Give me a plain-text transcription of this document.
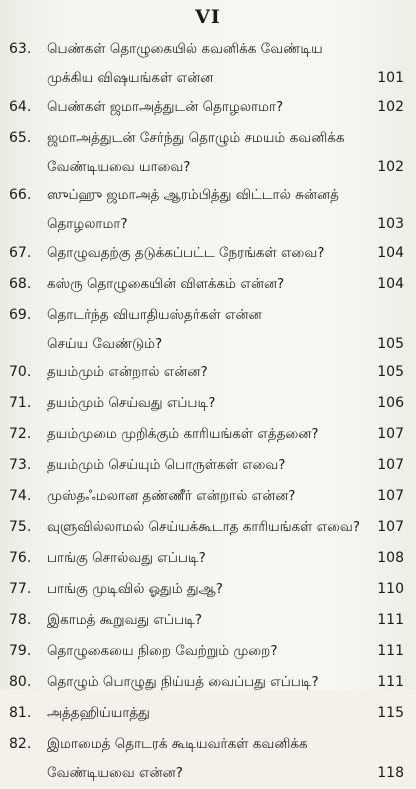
VI
63. பெண்கள் தொழுகையில் கவனிக்க வேண்டிய
முக்கிய விஷயங்கள் என்ன	101
64. பெண்கள் ஜமாஅத்துடன் தொழலாமா?	102
65. ஜமாஅத்துடன் சேர்ந்து தொழும் சமயம் கவனிக்க
வேண்டியவை யாவை?	102
66. ஸுப்ஹு ஜமாஅத் ஆரம்பித்து விட்டால் சுன்னத்
தொழலாமா?	103
67. தொழுவதற்கு தடுக்கப்பட்ட நேரங்கள் எவை?	104
68. கஸ்ரு தொழுகையின் விளக்கம் என்ன?	104
69. தொடர்ந்த வியாதியஸ்தர்கள் என்ன
செய்ய வேண்டும்?	105
70. தயம்மும் என்றால் என்ன?	105
71. தயம்மும் செய்வது எப்படி?	106
72. தயம்முமை முறிக்கும் காரியங்கள் எத்தனை?	107
73. தயம்மும் செய்யும் பொருள்கள் எவை?	107
74. முஸ்தஃமலான தண்ணீர் என்றால் என்ன?	107
75. வுளுவில்லாமல் செய்யக்கூடாத காரியங்கள் எவை? 107
76. பாங்கு சொல்வது எப்படி?	108
77. பாங்கு முடிவில் ஓதும் துஆ?	110
78. இகாமத் கூறுவது எப்படி?	111
79. தொழுகையை நிறை வேற்றும் முறை?	111
80. தொழும் பொழுது நிய்யத் வைப்பது எப்படி?	111
81. அத்தஹிய்யாத்து	115
82. இமாமைத் தொடரக் கூடியவர்கள் கவனிக்க
வேண்டியவை என்ன?	118
